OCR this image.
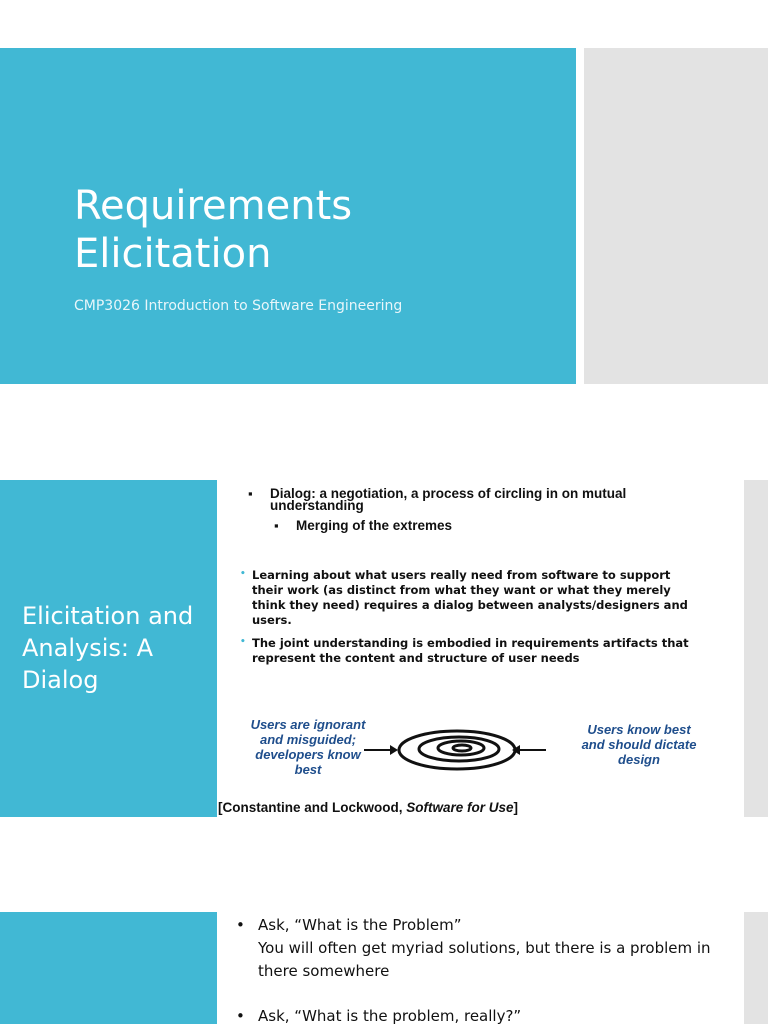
Requirements
Elicitation
CMP3026 Introduction to Software Engineering
Elicitation and Analysis: A Dialog
▪ Dialog: a negotiation, a process of circling in on mutual understanding
▪ Merging of the extremes
• Learning about what users really need from software to support their work (as distinct from what they want or what they merely think they need) requires a dialog between analysts/designers and users.
• The joint understanding is embodied in requirements artifacts that represent the content and structure of user needs
Users are ignorant and misguided; developers know best
Users know best and should dictate design
[Constantine and Lockwood, Software for Use]
• Ask, “What is the Problem”
You will often get myriad solutions, but there is a problem in there somewhere
• Ask, “What is the problem, really?”
